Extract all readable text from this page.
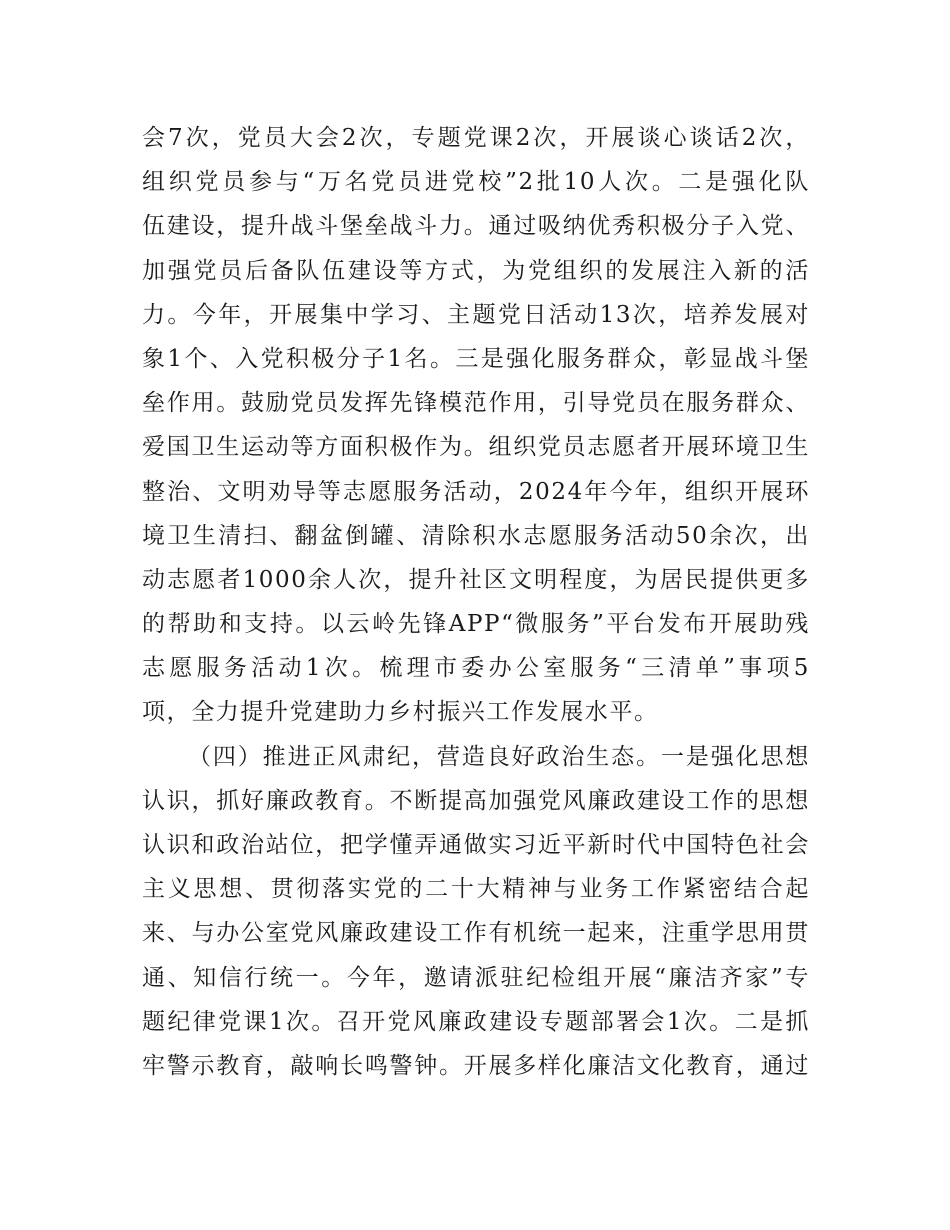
会7次，党员大会2次，专题党课2次，开展谈心谈话2次，
组织党员参与“万名党员进党校”2批10人次。二是强化队
伍建设，提升战斗堡垒战斗力。通过吸纳优秀积极分子入党、
加强党员后备队伍建设等方式，为党组织的发展注入新的活
力。今年，开展集中学习、主题党日活动13次，培养发展对
象1个、入党积极分子1名。三是强化服务群众，彰显战斗堡
垒作用。鼓励党员发挥先锋模范作用，引导党员在服务群众、
爱国卫生运动等方面积极作为。组织党员志愿者开展环境卫生
整治、文明劝导等志愿服务活动，2024年今年，组织开展环
境卫生清扫、翻盆倒罐、清除积水志愿服务活动50余次，出
动志愿者1000余人次，提升社区文明程度，为居民提供更多
的帮助和支持。以云岭先锋APP“微服务”平台发布开展助残
志愿服务活动1次。梳理市委办公室服务“三清单”事项5
项，全力提升党建助力乡村振兴工作发展水平。
（四）推进正风肃纪，营造良好政治生态。一是强化思想
认识，抓好廉政教育。不断提高加强党风廉政建设工作的思想
认识和政治站位，把学懂弄通做实习近平新时代中国特色社会
主义思想、贯彻落实党的二十大精神与业务工作紧密结合起
来、与办公室党风廉政建设工作有机统一起来，注重学思用贯
通、知信行统一。今年，邀请派驻纪检组开展“廉洁齐家”专
题纪律党课1次。召开党风廉政建设专题部署会1次。二是抓
牢警示教育，敲响长鸣警钟。开展多样化廉洁文化教育，通过
